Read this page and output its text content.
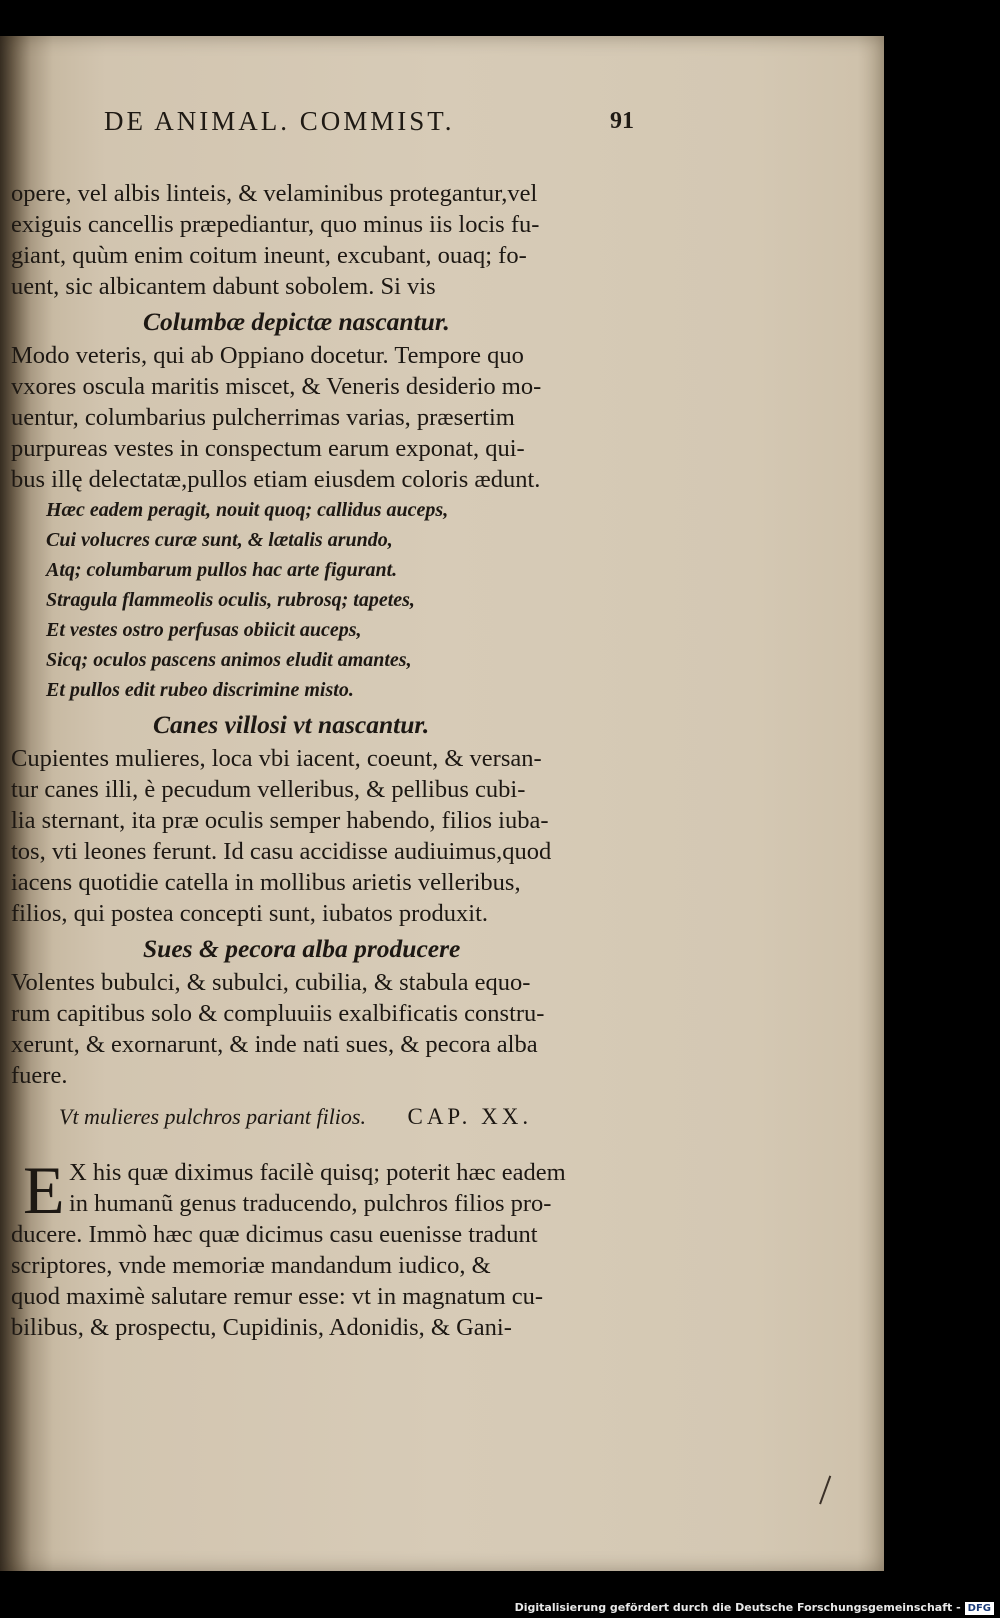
DE ANIMAL. COMMIST.	91
opere, vel albis linteis, & velaminibus protegantur,vel
exiguis cancellis præpediantur, quo minus iis locis fu-
giant, quùm enim coitum ineunt, excubant, ouaq; fo-
uent, sic albicantem dabunt sobolem. Si vis
Columbæ depictæ nascantur.
Modo veteris, qui ab Oppiano docetur. Tempore quo
vxores oscula maritis miscet, & Veneris desiderio mo-
uentur, columbarius pulcherrimas varias, præsertim
purpureas vestes in conspectum earum exponat, qui-
bus illę delectatæ,pullos etiam eiusdem coloris ædunt.
Hæc eadem peragit, nouit quoq; callidus auceps,
Cui volucres curæ sunt, & lætalis arundo,
Atq; columbarum pullos hac arte figurant.
Stragula flammeolis oculis, rubrosq; tapetes,
Et vestes ostro perfusas obiicit auceps,
Sicq; oculos pascens animos eludit amantes,
Et pullos edit rubeo discrimine misto.
Canes villosi vt nascantur.
Cupientes mulieres, loca vbi iacent, coeunt, & versan-
tur canes illi, è pecudum velleribus, & pellibus cubi-
lia sternant, ita præ oculis semper habendo, filios iuba-
tos, vti leones ferunt. Id casu accidisse audiuimus,quod
iacens quotidie catella in mollibus arietis velleribus,
filios, qui postea concepti sunt, iubatos produxit.
Sues & pecora alba producere
Volentes bubulci, & subulci, cubilia, & stabula equo-
rum capitibus solo & compluuiis exalbificatis constru-
xerunt, & exornarunt, & inde nati sues, & pecora alba
fuere.
Vt mulieres pulchros pariant filios. CAP. XX.
E X his quæ diximus facilè quisq; poterit hæc eadem
in humanũ genus traducendo, pulchros filios pro-
ducere. Immò hæc quæ dicimus casu euenisse tradunt
scriptores, vnde memoriæ mandandum iudico, &
quod maximè salutare remur esse: vt in magnatum cu-
bilibus, & prospectu, Cupidinis, Adonidis, & Gani-
Digitalisierung gefördert durch die Deutsche Forschungsgemeinschaft - DFG
